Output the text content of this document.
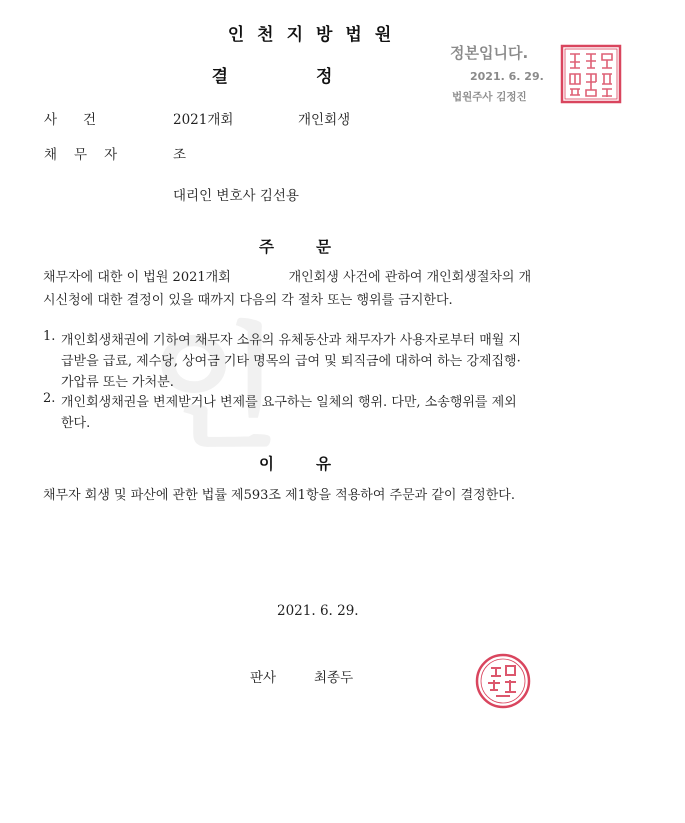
인
인천지방법원
결정
정본입니다.
2021. 6. 29.
법원주사 김정진
사건	2021개회	개인회생
채무자	조
대리인 변호사 김선용
주문
채무자에 대한 이 법원 2021개회              개인회생 사건에 관하여 개인회생절차의 개
시신청에 대한 결정이 있을 때까지 다음의 각 절차 또는 행위를 금지한다.
1. 개인회생채권에 기하여 채무자 소유의 유체동산과 채무자가 사용자로부터 매월 지
급받을 급료, 제수당, 상여금 기타 명목의 급여 및 퇴직금에 대하여 하는 강제집행·
가압류 또는 가처분.
2. 개인회생채권을 변제받거나 변제를 요구하는 일체의 행위. 다만, 소송행위를 제외
한다.
이유
채무자 회생 및 파산에 관한 법률 제593조 제1항을 적용하여 주문과 같이 결정한다.
2021. 6. 29.
판사	최종두
